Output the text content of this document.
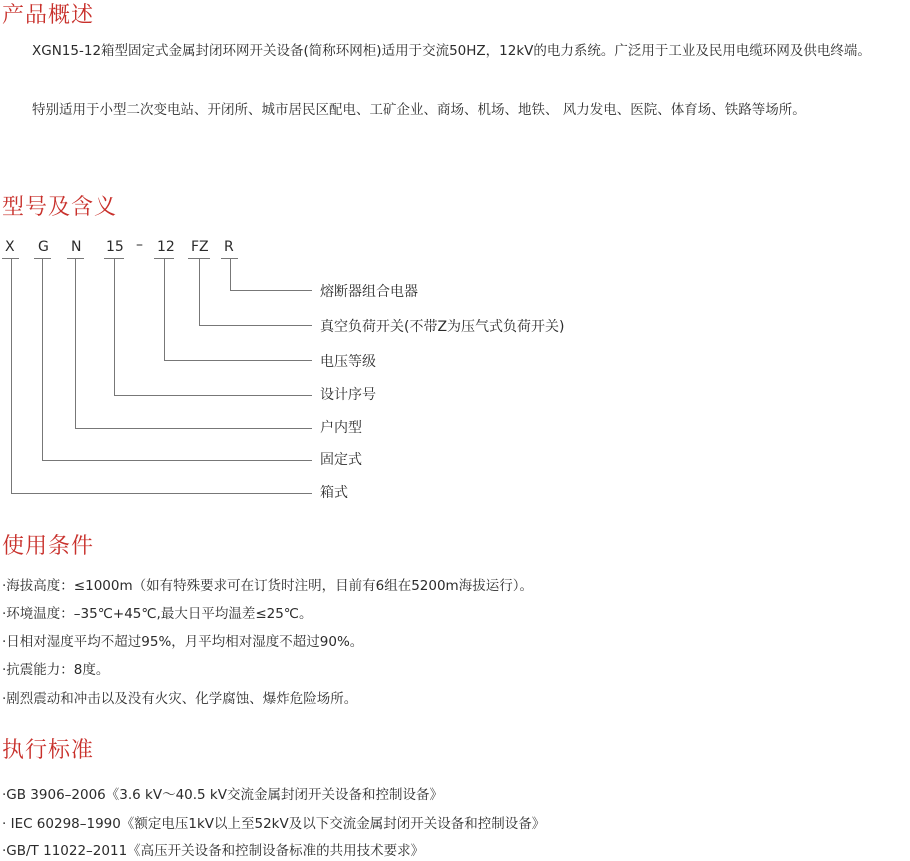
产品概述

XGN15-12箱型固定式金属封闭环网开关设备(简称环网柜)适用于交流50HZ，12kV的电力系统。广泛用于工业及民用电缆环网及供电终端。

特别适用于小型二次变电站、开闭所、城市居民区配电、工矿企业、商场、机场、地铁、 风力发电、医院、体育场、铁路等场所。

型号及含义
X G N 15 – 12 FZ R
熔断器组合电器
真空负荷开关(不带Z为压气式负荷开关)
电压等级
设计序号
户内型
固定式
箱式
使用条件
·海拔高度：≤1000m（如有特殊要求可在订货时注明，目前有6组在5200m海拔运行）。
·环境温度：–35℃+45℃,最大日平均温差≤25℃。
·日相对湿度平均不超过95%，月平均相对湿度不超过90%。
·抗震能力：8度。
·剧烈震动和冲击以及没有火灾、化学腐蚀、爆炸危险场所。
执行标准
·GB 3906–2006《3.6 kV～40.5 kV交流金属封闭开关设备和控制设备》
· IEC 60298–1990《额定电压1kV以上至52kV及以下交流金属封闭开关设备和控制设备》
·GB/T 11022–2011《高压开关设备和控制设备标准的共用技术要求》
